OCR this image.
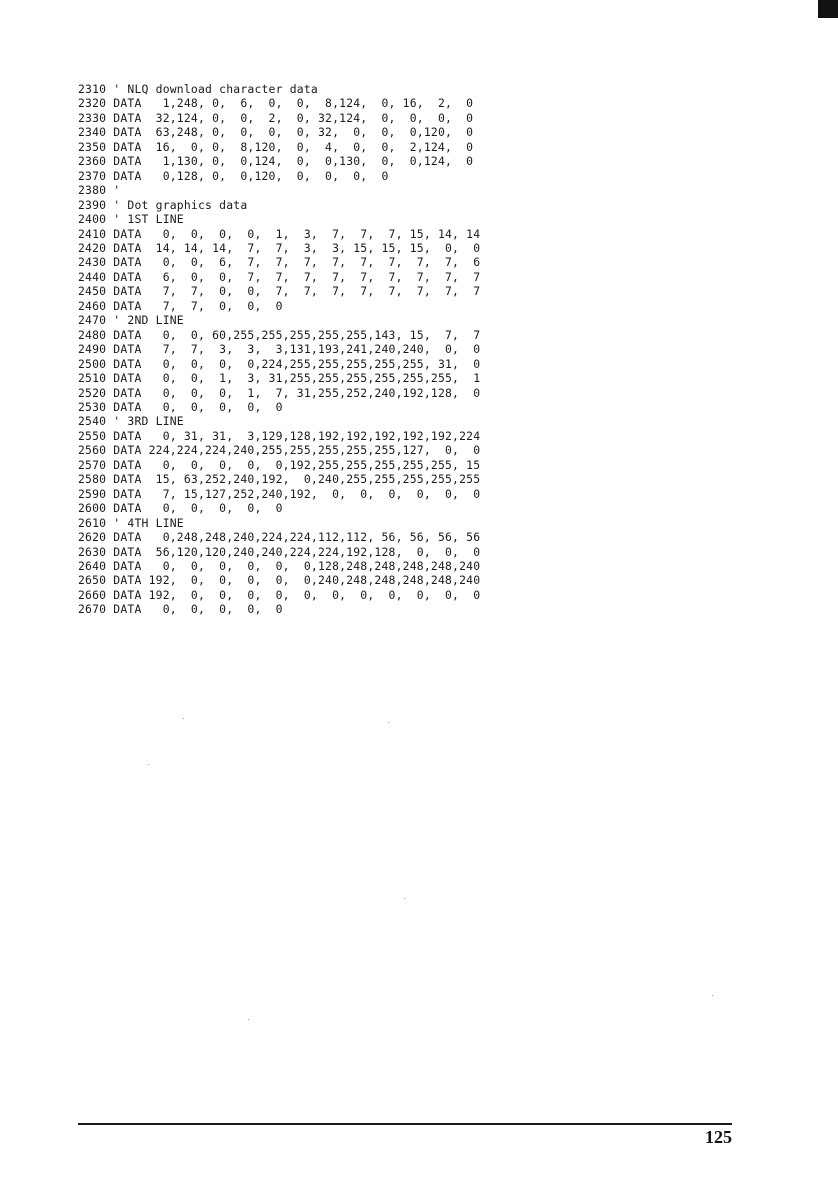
2310 ' NLQ download character data
2320 DATA   1,248, 0,  6,  0,  0,  8,124,  0, 16,  2,  0
2330 DATA  32,124, 0,  0,  2,  0, 32,124,  0,  0,  0,  0
2340 DATA  63,248, 0,  0,  0,  0, 32,  0,  0,  0,120,  0
2350 DATA  16,  0, 0,  8,120,  0,  4,  0,  0,  2,124,  0
2360 DATA   1,130, 0,  0,124,  0,  0,130,  0,  0,124,  0
2370 DATA   0,128, 0,  0,120,  0,  0,  0,  0
2380 '
2390 ' Dot graphics data
2400 ' 1ST LINE
2410 DATA   0,  0,  0,  0,  1,  3,  7,  7,  7, 15, 14, 14
2420 DATA  14, 14, 14,  7,  7,  3,  3, 15, 15, 15,  0,  0
2430 DATA   0,  0,  6,  7,  7,  7,  7,  7,  7,  7,  7,  6
2440 DATA   6,  0,  0,  7,  7,  7,  7,  7,  7,  7,  7,  7
2450 DATA   7,  7,  0,  0,  7,  7,  7,  7,  7,  7,  7,  7
2460 DATA   7,  7,  0,  0,  0
2470 ' 2ND LINE
2480 DATA   0,  0, 60,255,255,255,255,255,143, 15,  7,  7
2490 DATA   7,  7,  3,  3,  3,131,193,241,240,240,  0,  0
2500 DATA   0,  0,  0,  0,224,255,255,255,255,255, 31,  0
2510 DATA   0,  0,  1,  3, 31,255,255,255,255,255,255,  1
2520 DATA   0,  0,  0,  1,  7, 31,255,252,240,192,128,  0
2530 DATA   0,  0,  0,  0,  0
2540 ' 3RD LINE
2550 DATA   0, 31, 31,  3,129,128,192,192,192,192,192,224
2560 DATA 224,224,224,240,255,255,255,255,255,127,  0,  0
2570 DATA   0,  0,  0,  0,  0,192,255,255,255,255,255, 15
2580 DATA  15, 63,252,240,192,  0,240,255,255,255,255,255
2590 DATA   7, 15,127,252,240,192,  0,  0,  0,  0,  0,  0
2600 DATA   0,  0,  0,  0,  0
2610 ' 4TH LINE
2620 DATA   0,248,248,240,224,224,112,112, 56, 56, 56, 56
2630 DATA  56,120,120,240,240,224,224,192,128,  0,  0,  0
2640 DATA   0,  0,  0,  0,  0,  0,128,248,248,248,248,240
2650 DATA 192,  0,  0,  0,  0,  0,240,248,248,248,248,240
2660 DATA 192,  0,  0,  0,  0,  0,  0,  0,  0,  0,  0,  0
2670 DATA   0,  0,  0,  0,  0
125
